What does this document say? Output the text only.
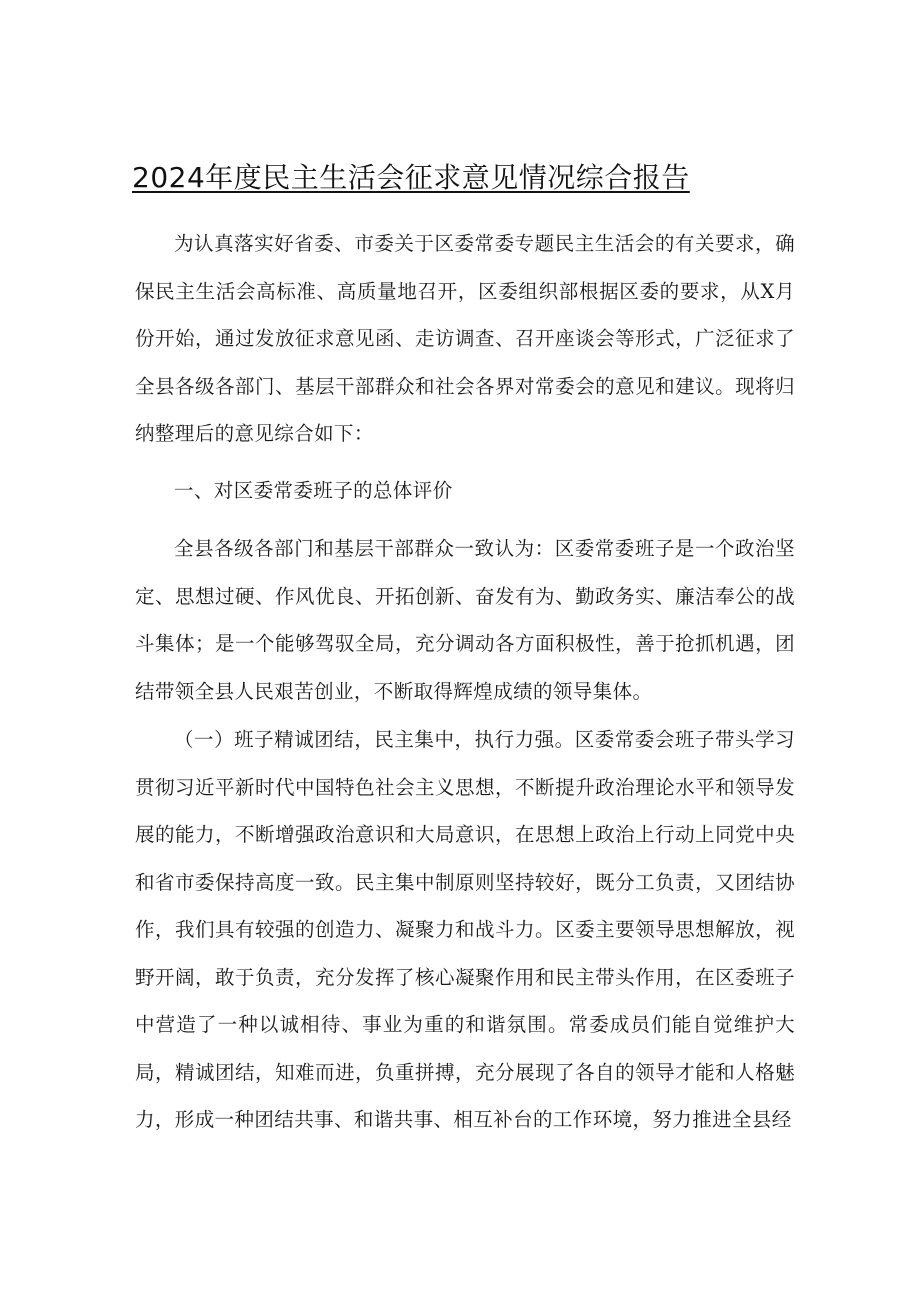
2024年度民主生活会征求意见情况综合报告

为认真落实好省委、市委关于区委常委专题民主生活会的有关要求，确保民主生活会高标准、高质量地召开，区委组织部根据区委的要求，从X月份开始，通过发放征求意见函、走访调查、召开座谈会等形式，广泛征求了全县各级各部门、基层干部群众和社会各界对常委会的意见和建议。现将归纳整理后的意见综合如下：

一、对区委常委班子的总体评价

全县各级各部门和基层干部群众一致认为：区委常委班子是一个政治坚定、思想过硬、作风优良、开拓创新、奋发有为、勤政务实、廉洁奉公的战斗集体；是一个能够驾驭全局，充分调动各方面积极性，善于抢抓机遇，团结带领全县人民艰苦创业，不断取得辉煌成绩的领导集体。

（一）班子精诚团结，民主集中，执行力强。区委常委会班子带头学习贯彻习近平新时代中国特色社会主义思想，不断提升政治理论水平和领导发展的能力，不断增强政治意识和大局意识，在思想上政治上行动上同党中央和省市委保持高度一致。民主集中制原则坚持较好，既分工负责，又团结协作，我们具有较强的创造力、凝聚力和战斗力。区委主要领导思想解放，视野开阔，敢于负责，充分发挥了核心凝聚作用和民主带头作用，在区委班子中营造了一种以诚相待、事业为重的和谐氛围。常委成员们能自觉维护大局，精诚团结，知难而进，负重拼搏，充分展现了各自的领导才能和人格魅力，形成一种团结共事、和谐共事、相互补台的工作环境，努力推进全县经
